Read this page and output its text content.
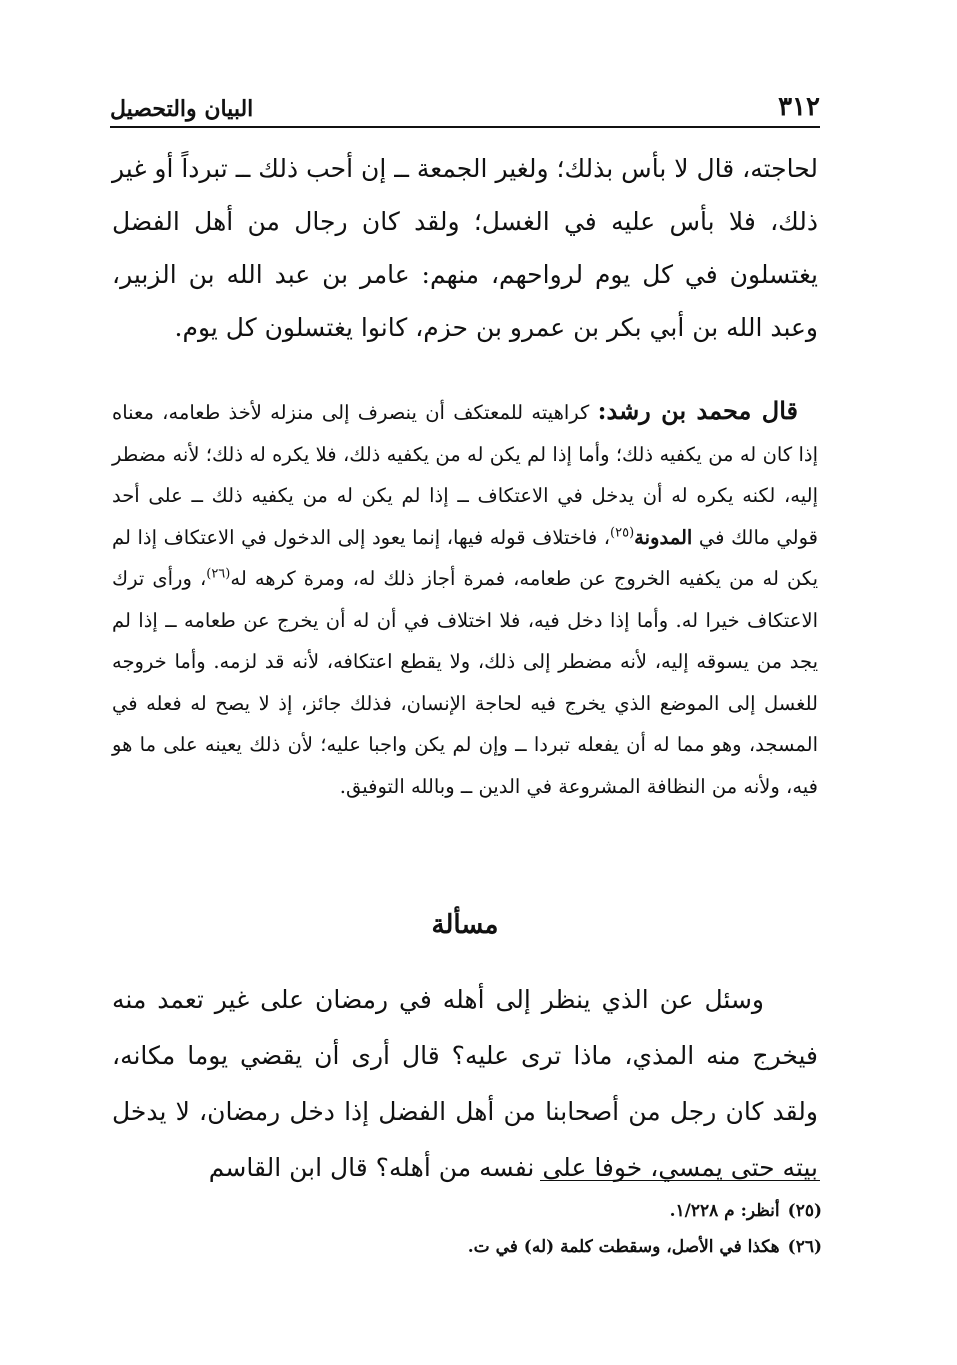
٣١٢
البيان والتحصيل

لحاجته، قال لا بأس بذلك؛ ولغير الجمعة ــ إن أحب ذلك ــ تبرداً أو غير ذلك، فلا بأس عليه في الغسل؛ ولقد كان رجال من أهل الفضل يغتسلون في كل يوم لرواحهم، منهم: عامر بن عبد الله بن الزبير، وعبد الله بن أبي بكر بن عمرو بن حزم، كانوا يغتسلون كل يوم.

قال محمد بن رشد: كراهيته للمعتكف أن ينصرف إلى منزله لأخذ طعامه، معناه إذا كان له من يكفيه ذلك؛ وأما إذا لم يكن له من يكفيه ذلك، فلا يكره له ذلك؛ لأنه مضطر إليه، لكنه يكره له أن يدخل في الاعتكاف ــ إذا لم يكن له من يكفيه ذلك ــ على أحد قولي مالك في المدونة$^{(٢٥)}$، فاختلاف قوله فيها، إنما يعود إلى الدخول في الاعتكاف إذا لم يكن له من يكفيه الخروج عن طعامه، فمرة أجاز ذلك له، ومرة كرهه له$^{(٢٦)}$، ورأى ترك الاعتكاف خيرا له. وأما إذا دخل فيه، فلا اختلاف في أن له أن يخرج عن طعامه ــ إذا لم يجد من يسوقه إليه، لأنه مضطر إلى ذلك، ولا يقطع اعتكافه، لأنه قد لزمه. وأما خروجه للغسل إلى الموضع الذي يخرج فيه لحاجة الإنسان، فذلك جائز، إذ لا يصح له فعله في المسجد، وهو مما له أن يفعله تبردا ــ وإن لم يكن واجبا عليه؛ لأن ذلك يعينه على ما هو فيه، ولأنه من النظافة المشروعة في الدين ــ وبالله التوفيق.

مسألة

وسئل عن الذي ينظر إلى أهله في رمضان على غير تعمد منه فيخرج منه المذي، ماذا ترى عليه؟ قال أرى أن يقضي يوما مكانه، ولقد كان رجل من أصحابنا من أهل الفضل إذا دخل رمضان، لا يدخل بيته حتى يمسي، خوفا على نفسه من أهله؟ قال ابن القاسم

(٢٥)أنظر: م ١/٢٢٨.
(٢٦)هكذا في الأصل، وسقطت كلمة (له) في ت.
